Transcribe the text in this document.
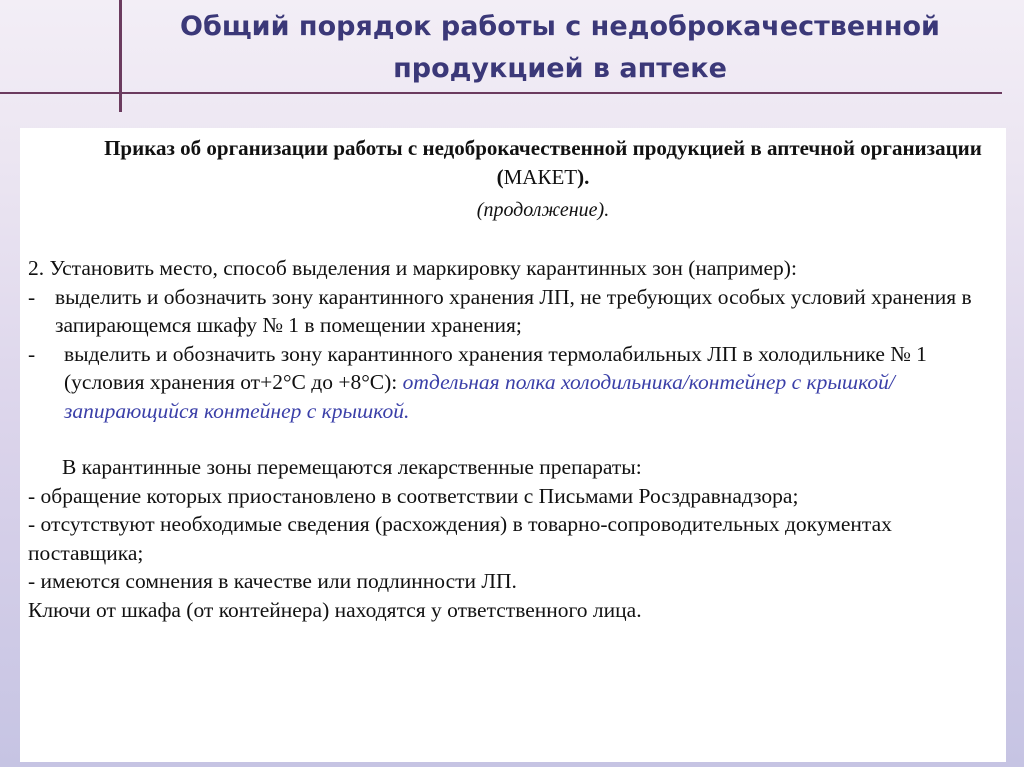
Общий порядок работы с недоброкачественной продукцией в аптеке
Приказ об организации работы с недоброкачественной продукцией в аптечной организации (МАКЕТ).
(продолжение).

2. Установить место, способ выделения и маркировку карантинных зон (например):

- выделить и обозначить зону карантинного хранения ЛП, не требующих особых условий хранения в запирающемся шкафу № 1 в помещении хранения;
-	выделить и обозначить зону карантинного хранения термолабильных ЛП в холодильнике № 1 (условия хранения от+2°С до +8°С): отдельная полка холодильника/контейнер с крышкой/ запирающийся контейнер с крышкой.

В карантинные зоны перемещаются лекарственные препараты:

- обращение которых приостановлено в соответствии с Письмами Росздравнадзора;

- отсутствуют необходимые сведения (расхождения) в товарно-сопроводительных документах поставщика;

- имеются сомнения в качестве или подлинности ЛП.

Ключи от шкафа (от контейнера) находятся у ответственного лица.
